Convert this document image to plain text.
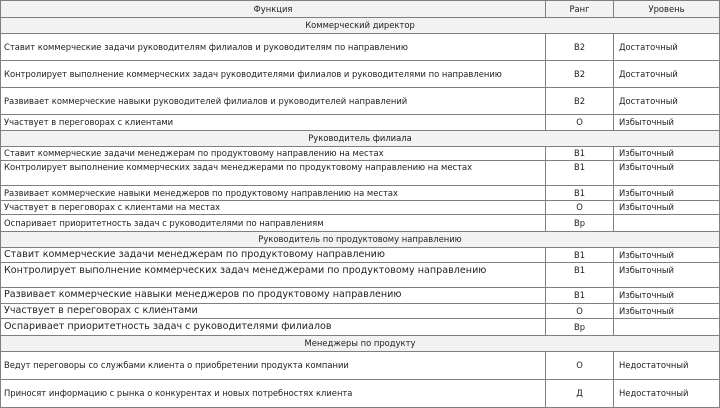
Функция	Ранг	Уровень
Коммерческий директор		
Ставит коммерческие задачи руководителям филиалов и руководителям по направлению	B2	Достаточный
Контролирует выполнение коммерческих задач руководителями филиалов и руководителями по направлению	B2	Достаточный
Развивает коммерческие навыки руководителей филиалов и руководителей направлений	B2	Достаточный
Участвует в переговорах с клиентами	О	Избыточный
Руководитель филиала		
Ставит коммерческие задачи менеджерам по продуктовому направлению на местах	B1	Избыточный
Контролирует выполнение коммерческих задач менеджерами по продуктовому направлению на местах	B1	Избыточный
Развивает коммерческие навыки менеджеров по продуктовому направлению на местах	B1	Избыточный
Участвует в переговорах с клиентами на местах	О	Избыточный
Оспаривает приоритетность задач с руководителями по направлениям	Вр	
Руководитель по продуктовому направлению		
Ставит коммерческие задачи менеджерам по продуктовому направлению	B1	Избыточный
Контролирует выполнение коммерческих задач менеджерами по продуктовому направлению	B1	Избыточный
Развивает коммерческие навыки менеджеров по продуктовому направлению	B1	Избыточный
Участвует в переговорах с клиентами	О	Избыточный
Оспаривает приоритетность задач с руководителями филиалов	Вр	
Менеджеры по продукту		
Ведут переговоры со службами клиента о приобретении продукта компании	О	Недостаточный
Приносят информацию с рынка о конкурентах и новых потребностях клиента	Д	Недостаточный
